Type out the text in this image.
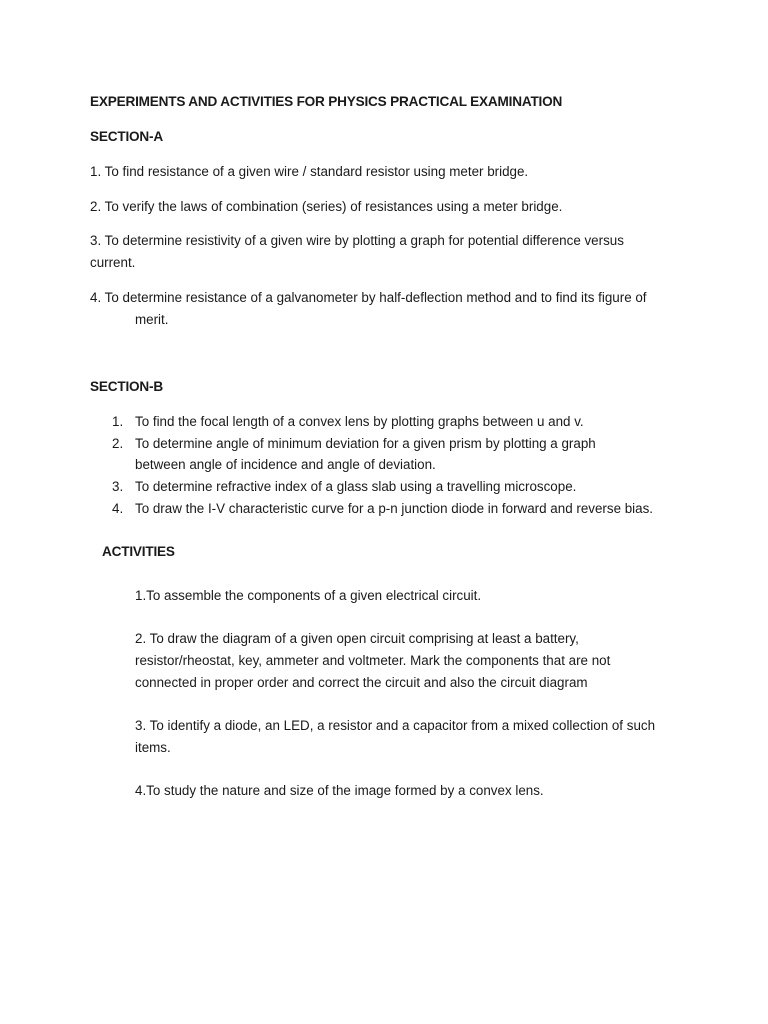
EXPERIMENTS AND ACTIVITIES FOR PHYSICS PRACTICAL EXAMINATION

SECTION-A

1. To find resistance of a given wire / standard resistor using meter bridge.

2. To verify the laws of combination (series) of resistances using a meter bridge.

3. To determine resistivity of a given wire by plotting a graph for potential difference versus

current.

4. To determine resistance of a galvanometer by half-deflection method and to find its figure of

merit.

SECTION-B

1. To find the focal length of a convex lens by plotting graphs between u and v.
2. To determine angle of minimum deviation for a given prism by plotting a graph
between angle of incidence and angle of deviation.
3. To determine refractive index of a glass slab using a travelling microscope.
4. To draw the I-V characteristic curve for a p-n junction diode in forward and reverse bias.

ACTIVITIES

1.To assemble the components of a given electrical circuit.

2. To draw the diagram of a given open circuit comprising at least a battery,

resistor/rheostat, key, ammeter and voltmeter. Mark the components that are not

connected in proper order and correct the circuit and also the circuit diagram

3. To identify a diode, an LED, a resistor and a capacitor from a mixed collection of such

items.

4.To study the nature and size of the image formed by a convex lens.
